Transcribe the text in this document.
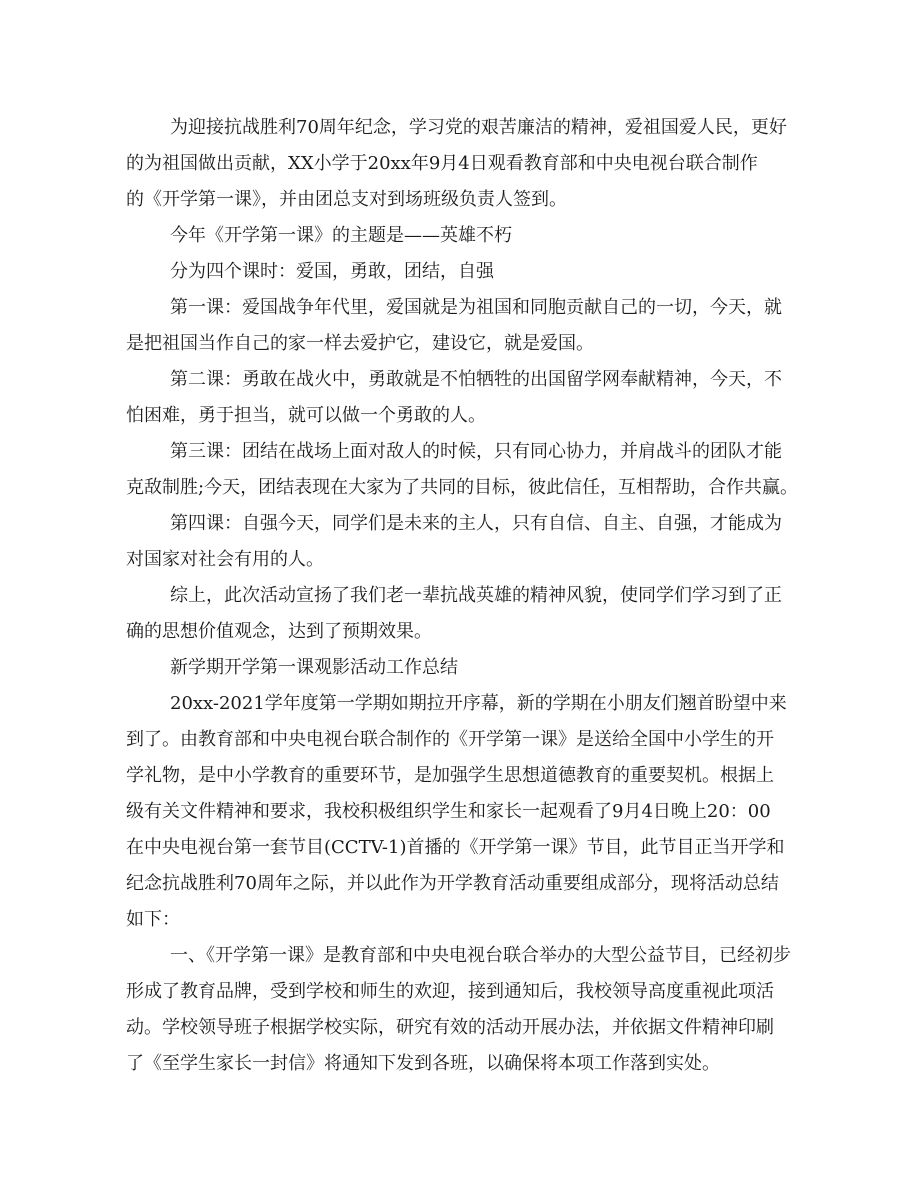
为迎接抗战胜利70周年纪念，学习党的艰苦廉洁的精神，爱祖国爱人民，更好
的为祖国做出贡献，XX小学于20xx年9月4日观看教育部和中央电视台联合制作
的《开学第一课》，并由团总支对到场班级负责人签到。

今年《开学第一课》的主题是——英雄不朽

分为四个课时：爱国，勇敢，团结，自强

第一课：爱国战争年代里，爱国就是为祖国和同胞贡献自己的一切，今天，就
是把祖国当作自己的家一样去爱护它，建设它，就是爱国。

第二课：勇敢在战火中，勇敢就是不怕牺牲的出国留学网奉献精神，今天，不
怕困难，勇于担当，就可以做一个勇敢的人。

第三课：团结在战场上面对敌人的时候，只有同心协力，并肩战斗的团队才能
克敌制胜;今天，团结表现在大家为了共同的目标，彼此信任，互相帮助，合作共赢。

第四课：自强今天，同学们是未来的主人，只有自信、自主、自强，才能成为
对国家对社会有用的人。

综上，此次活动宣扬了我们老一辈抗战英雄的精神风貌，使同学们学习到了正
确的思想价值观念，达到了预期效果。

新学期开学第一课观影活动工作总结

20xx-2021学年度第一学期如期拉开序幕，新的学期在小朋友们翘首盼望中来
到了。由教育部和中央电视台联合制作的《开学第一课》是送给全国中小学生的开
学礼物，是中小学教育的重要环节，是加强学生思想道德教育的重要契机。根据上
级有关文件精神和要求，我校积极组织学生和家长一起观看了9月4日晚上20：00
在中央电视台第一套节目(CCTV-1)首播的《开学第一课》节目，此节目正当开学和
纪念抗战胜利70周年之际，并以此作为开学教育活动重要组成部分，现将活动总结
如下：

一、《开学第一课》是教育部和中央电视台联合举办的大型公益节目，已经初步
形成了教育品牌，受到学校和师生的欢迎，接到通知后，我校领导高度重视此项活
动。学校领导班子根据学校实际，研究有效的活动开展办法，并依据文件精神印刷
了《至学生家长一封信》将通知下发到各班，以确保将本项工作落到实处。
